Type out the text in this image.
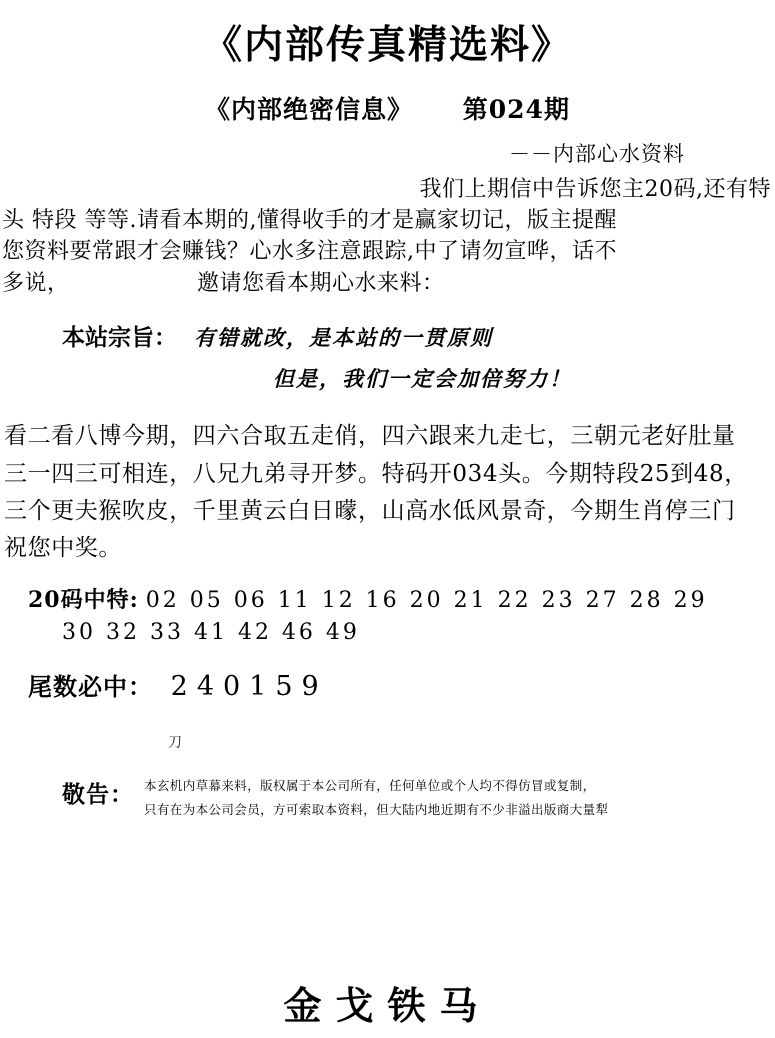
《内部传真精选料》
《内部绝密信息》 第024期
－－内部心水资料
我们上期信中告诉您主20码,还有特
头 特段 等等.请看本期的,懂得收手的才是赢家切记，版主提醒
您资料要常跟才会赚钱？心水多注意跟踪,中了请勿宣哗，话不
多说，	邀请您看本期心水来料：
本站宗旨： 有错就改，是本站的一贯原则
但是，我们一定会加倍努力！
看二看八博今期，四六合取五走俏，四六跟来九走七，三朝元老好肚量
三一四三可相连，八兄九弟寻开梦。特码开034头。今期特段25到48，
三个更夫猴吹皮，千里黄云白日曚，山高水低风景奇，今期生肖停三门
祝您中奖。
20码中特: 02 05 06 11 12 16 20 21 22 23 27 28 29
30 32 33 41 42 46 49
尾数必中： 240159
刀
敬告： 本玄机内草幕来料，版权属于本公司所有，任何单位或个人均不得仿冒或复制，
只有在为本公司会员，方可索取本资料，但大陆内地近期有不少非溢出版商大量犁
金戈铁马
